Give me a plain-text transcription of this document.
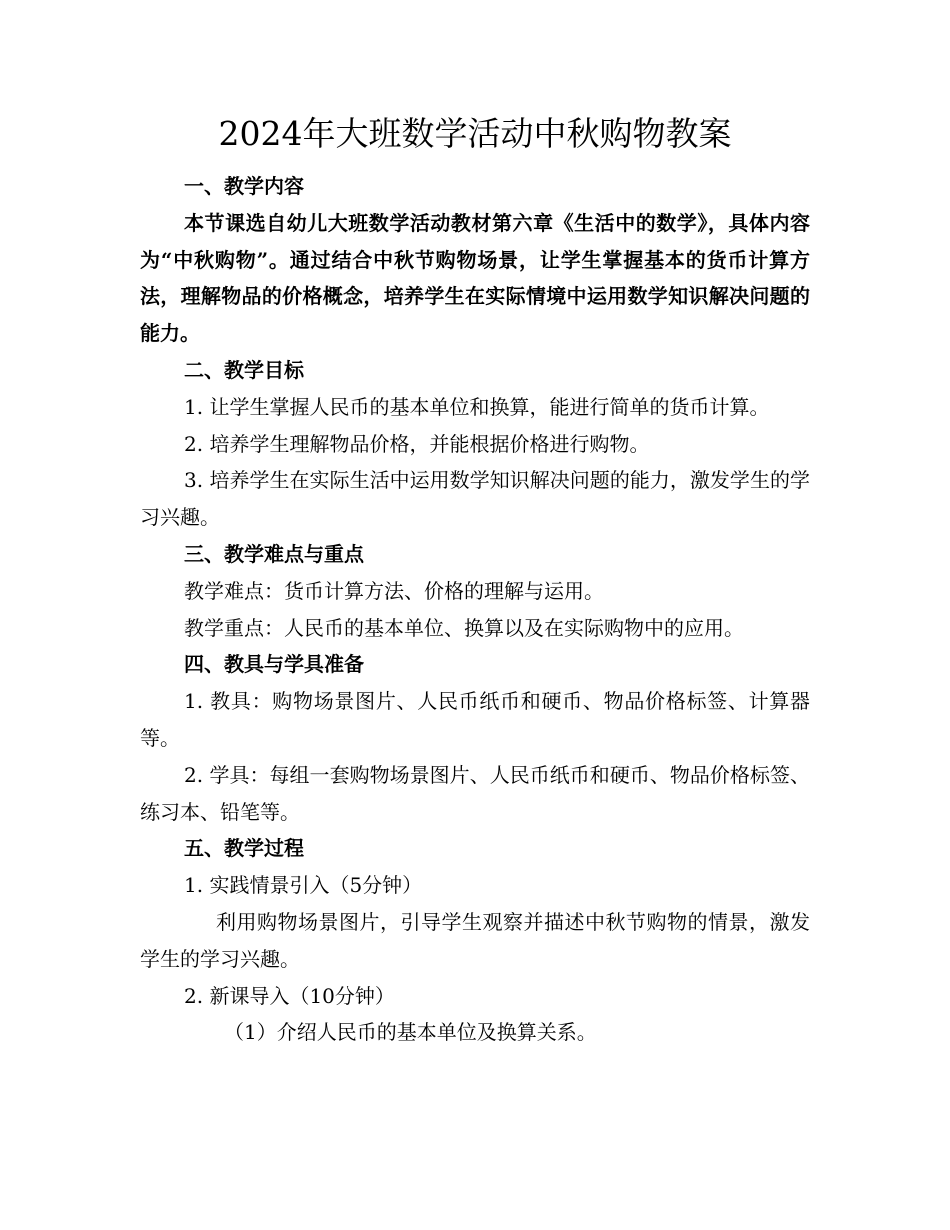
2024年大班数学活动中秋购物教案

一、教学内容

本节课选自幼儿大班数学活动教材第六章《生活中的数学》，具体内容为“中秋购物”。通过结合中秋节购物场景，让学生掌握基本的货币计算方法，理解物品的价格概念，培养学生在实际情境中运用数学知识解决问题的能力。

二、教学目标

1. 让学生掌握人民币的基本单位和换算，能进行简单的货币计算。

2. 培养学生理解物品价格，并能根据价格进行购物。

3. 培养学生在实际生活中运用数学知识解决问题的能力，激发学生的学习兴趣。

三、教学难点与重点

教学难点：货币计算方法、价格的理解与运用。

教学重点：人民币的基本单位、换算以及在实际购物中的应用。

四、教具与学具准备

1. 教具：购物场景图片、人民币纸币和硬币、物品价格标签、计算器等。

2. 学具：每组一套购物场景图片、人民币纸币和硬币、物品价格标签、练习本、铅笔等。

五、教学过程

1. 实践情景引入（5分钟）

利用购物场景图片，引导学生观察并描述中秋节购物的情景，激发学生的学习兴趣。

2. 新课导入（10分钟）

（1）介绍人民币的基本单位及换算关系。
